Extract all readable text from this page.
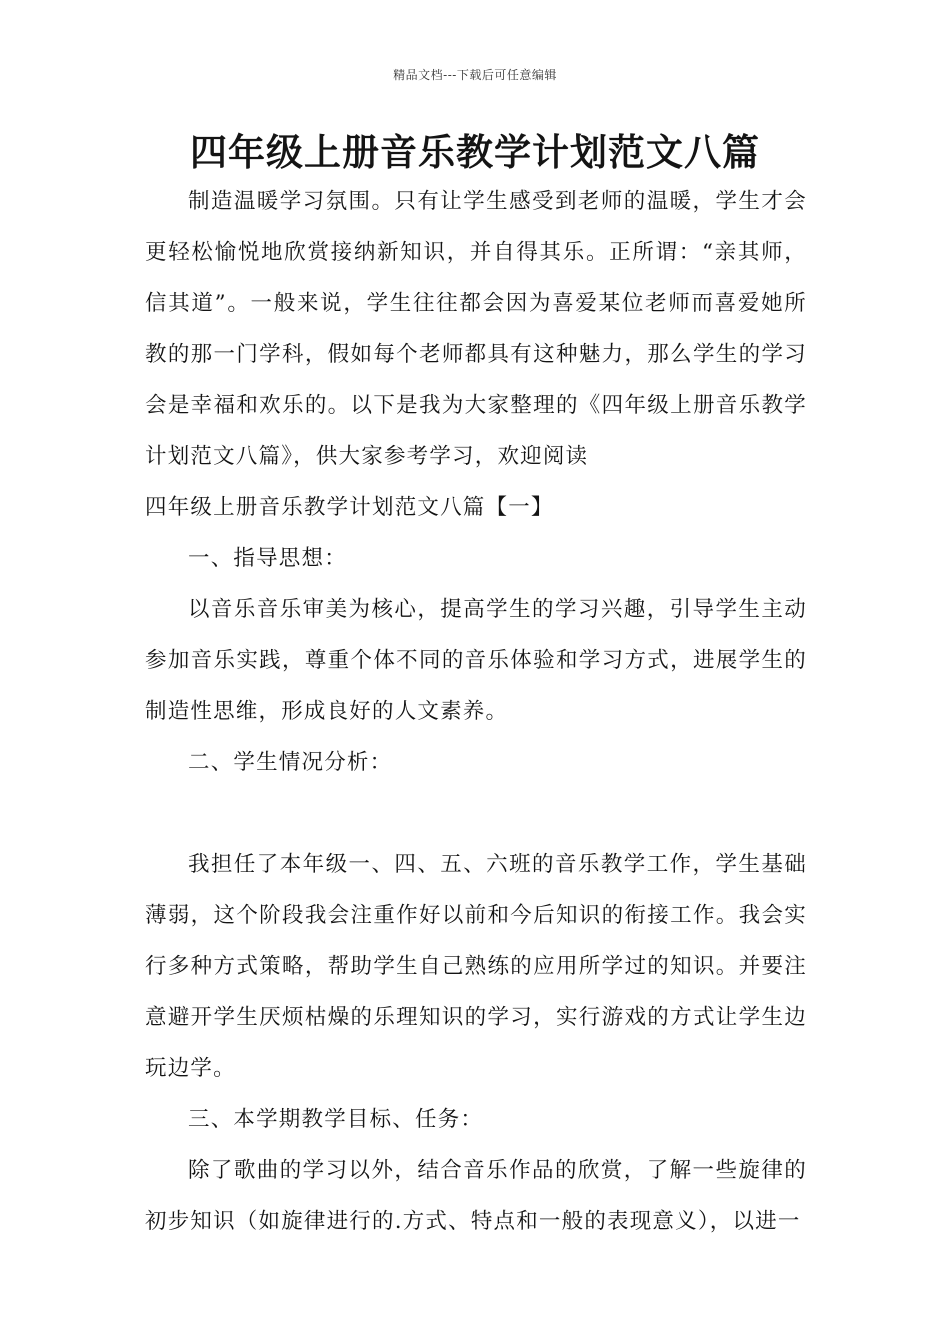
精品文档---下载后可任意编辑
四年级上册音乐教学计划范文八篇

制造温暖学习氛围。只有让学生感受到老师的温暖，学生才会更轻松愉悦地欣赏接纳新知识，并自得其乐。正所谓：“亲其师，信其道”。一般来说，学生往往都会因为喜爱某位老师而喜爱她所教的那一门学科，假如每个老师都具有这种魅力，那么学生的学习会是幸福和欢乐的。以下是我为大家整理的《四年级上册音乐教学计划范文八篇》，供大家参考学习，欢迎阅读

四年级上册音乐教学计划范文八篇【一】

一、指导思想：

以音乐音乐审美为核心，提高学生的学习兴趣，引导学生主动参加音乐实践，尊重个体不同的音乐体验和学习方式，进展学生的制造性思维，形成良好的人文素养。

二、学生情况分析：

我担任了本年级一、四、五、六班的音乐教学工作，学生基础薄弱，这个阶段我会注重作好以前和今后知识的衔接工作。我会实行多种方式策略，帮助学生自己熟练的应用所学过的知识。并要注意避开学生厌烦枯燥的乐理知识的学习，实行游戏的方式让学生边玩边学。

三、本学期教学目标、任务：

除了歌曲的学习以外，结合音乐作品的欣赏，了解一些旋律的初步知识（如旋律进行的.方式、特点和一般的表现意义），以进一
